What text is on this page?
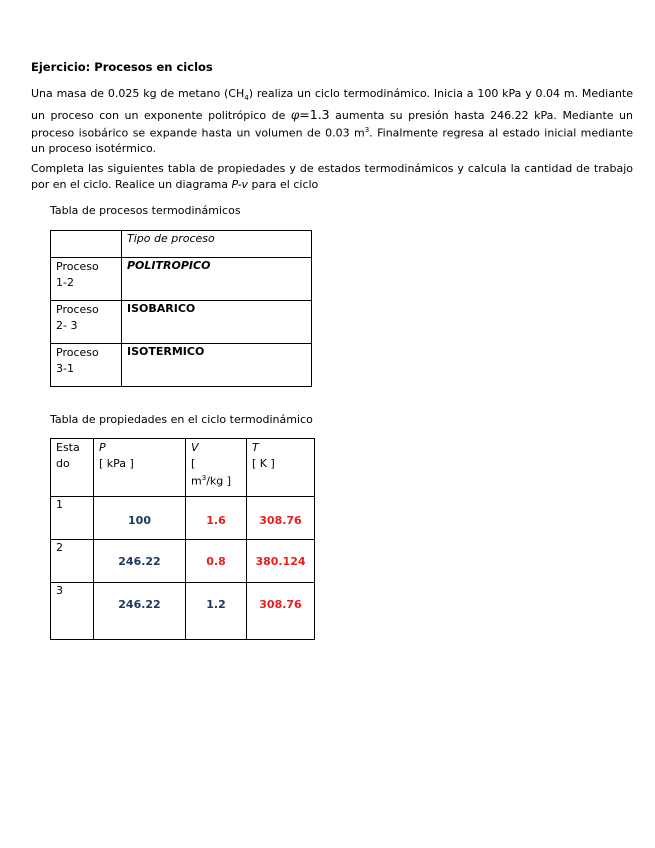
Ejercicio: Procesos en ciclos
Una masa de 0.025 kg de metano $(CH_4)$ realiza un ciclo termodinámico. Inicia a 100 kPa y 0.04 m. Mediante un proceso con un exponente politrópico de φ=1.3 aumenta su presión hasta 246.22 kPa. Mediante un proceso isobárico se expande hasta un volumen de 0.03 $m^3$. Finalmente regresa al estado inicial mediante un proceso isotérmico.
Completa las siguientes tabla de propiedades y de estados termodinámicos y calcula la cantidad de trabajo por en el ciclo. Realice un diagrama P-v para el ciclo
Tabla de procesos termodinámicos

	Tipo de proceso

Proceso
1-2	POLITROPICO

Proceso
2- 3	ISOBARICO

Proceso
3-1	ISOTERMICO
Tabla de propiedades en el ciclo termodinámico
Esta
do	P
[ kPa ]	V
[
$m^3/kg$ ]	T
[ K ]

1	100	1.6	308.76

2	246.22	0.8	380.124

3	246.22	1.2	308.76
